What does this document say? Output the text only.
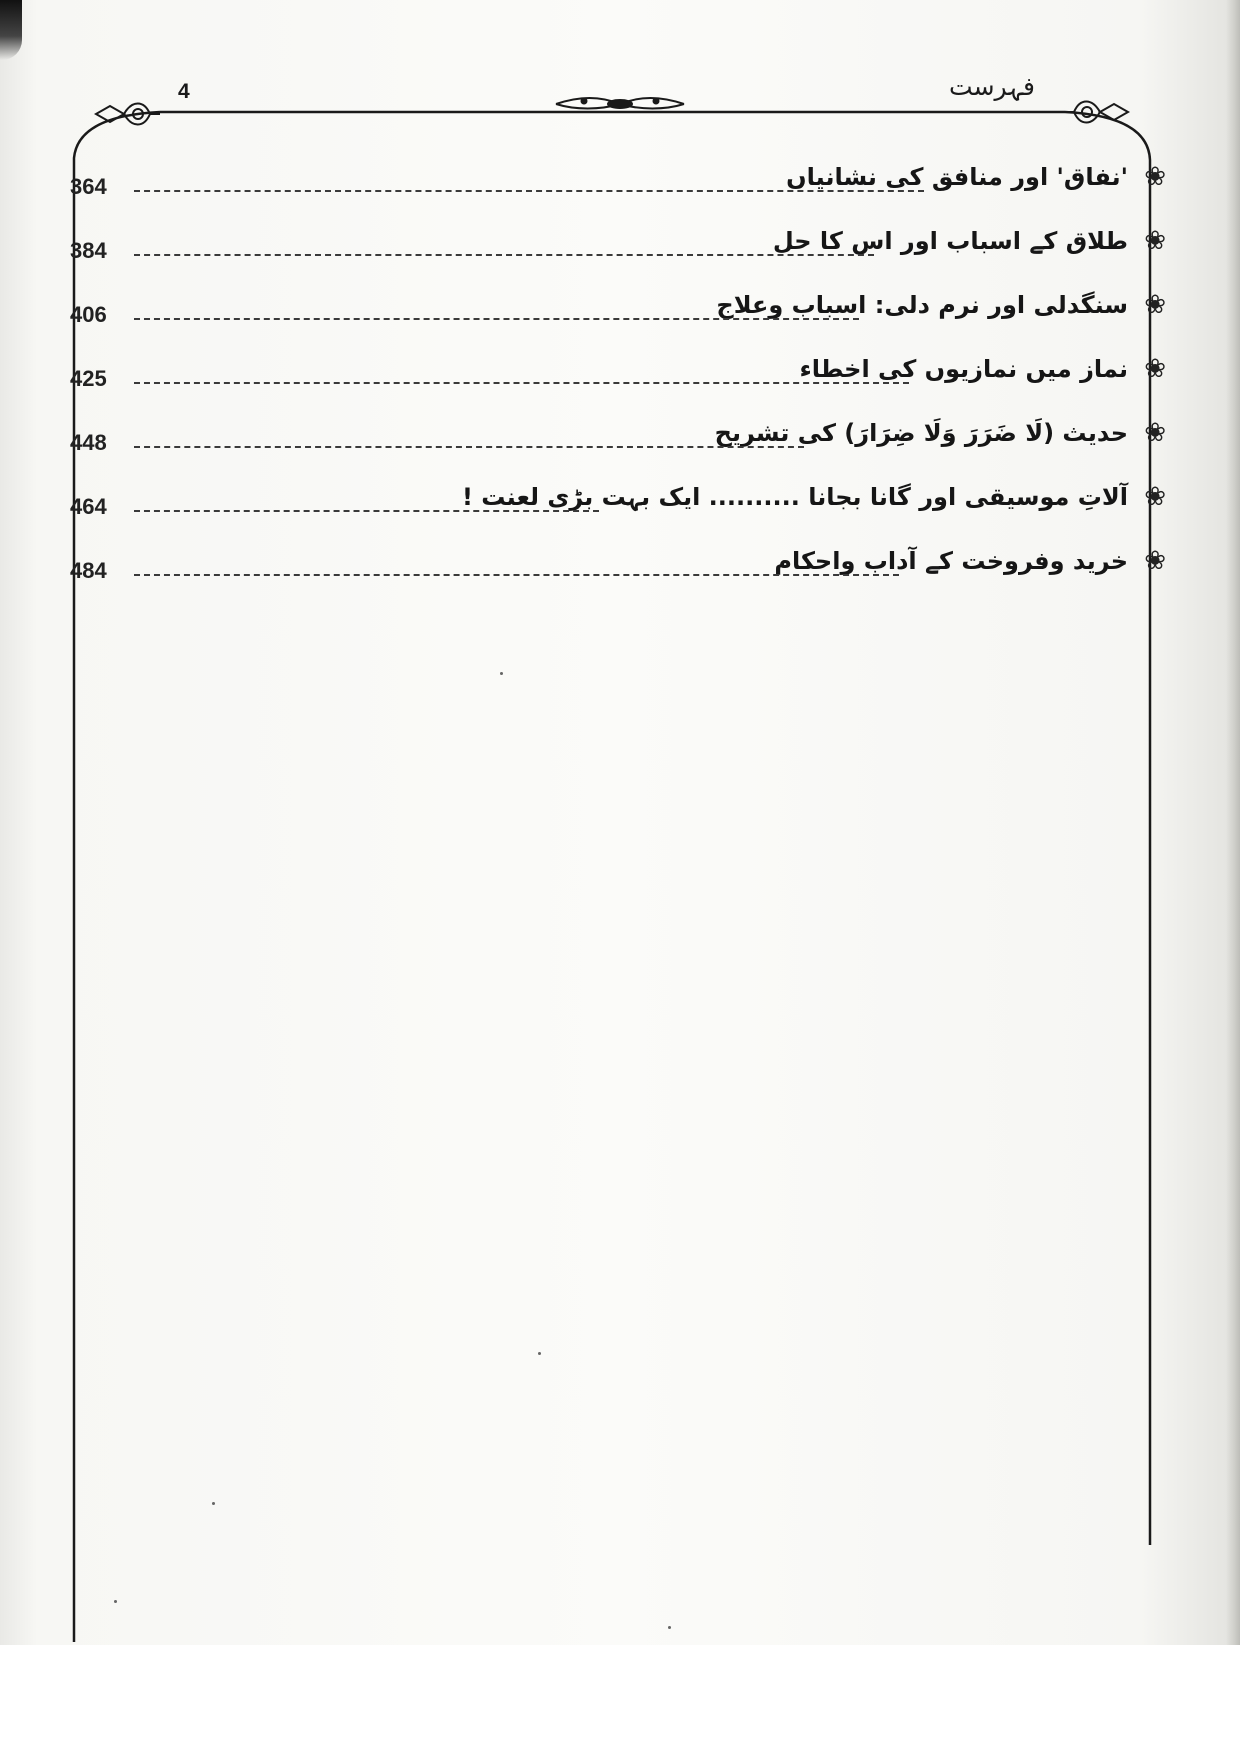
4	فہرست
❀
'نفاق' اور منافق کی نشانیاں
364
❀
طلاق کے اسباب اور اس کا حل
384
❀
سنگدلی اور نرم دلی: اسباب وعلاج
406
❀
نماز میں نمازیوں کی اخطاء
425
❀
حدیث (لَا ضَرَرَ وَلَا ضِرَارَ) کی تشریح
448
❀
آلاتِ موسیقی اور گانا بجانا .......... ایک بہت بڑی لعنت !
464
❀
خرید وفروخت کے آداب واحکام
484
